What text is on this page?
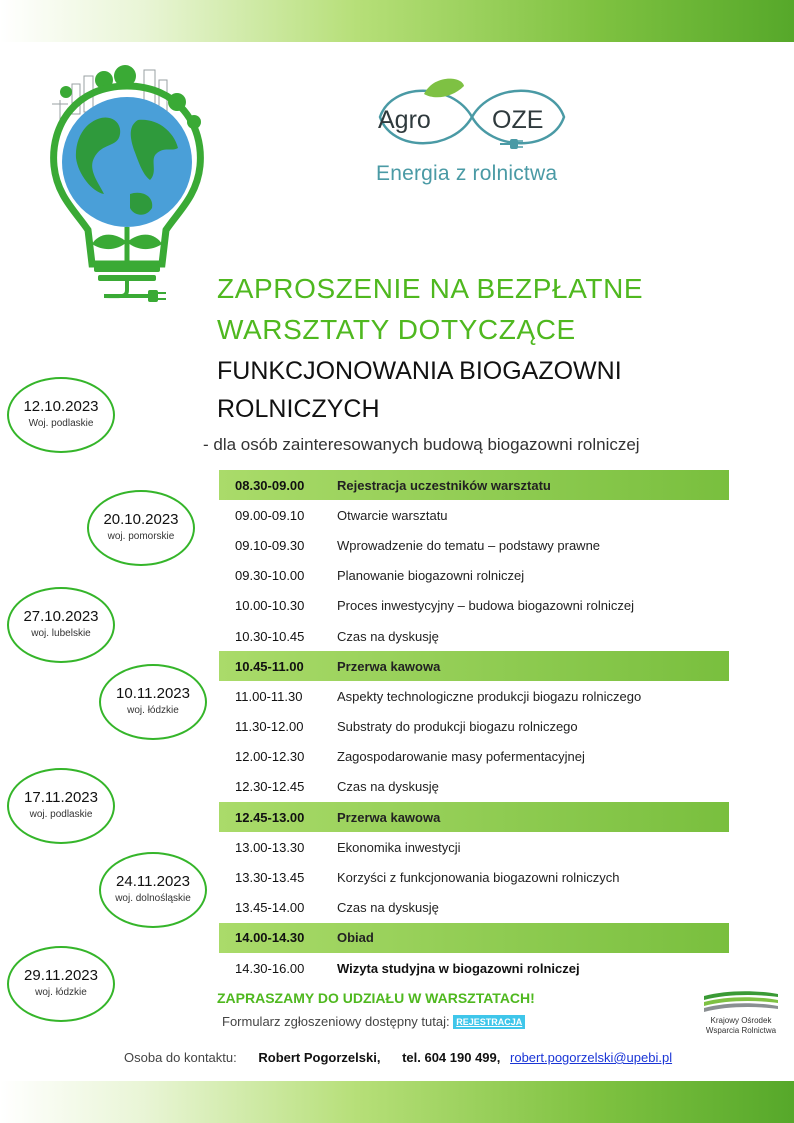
Agro OZE
Energia z rolnictwa
ZAPROSZENIE NA BEZPŁATNE
WARSZTATY DOTYCZĄCE
FUNKCJONOWANIA BIOGAZOWNI
ROLNICZYCH
- dla osób zainteresowanych budową biogazowni rolniczej
12.10.2023
Woj. podlaskie
20.10.2023
woj. pomorskie
27.10.2023
woj. lubelskie
10.11.2023
woj. łódzkie
17.11.2023
woj. podlaskie
24.11.2023
woj. dolnośląskie
29.11.2023
woj. łódzkie
08.30-09.00	Rejestracja uczestników warsztatu
09.00-09.10	Otwarcie warsztatu
09.10-09.30	Wprowadzenie do tematu – podstawy prawne
09.30-10.00	Planowanie biogazowni rolniczej
10.00-10.30	Proces inwestycyjny – budowa biogazowni rolniczej
10.30-10.45	Czas na dyskusję
10.45-11.00	Przerwa kawowa
11.00-11.30	Aspekty technologiczne produkcji biogazu rolniczego
11.30-12.00	Substraty do produkcji biogazu rolniczego
12.00-12.30	Zagospodarowanie masy pofermentacyjnej
12.30-12.45	Czas na dyskusję
12.45-13.00	Przerwa kawowa
13.00-13.30	Ekonomika inwestycji
13.30-13.45	Korzyści z funkcjonowania biogazowni rolniczych
13.45-14.00	Czas na dyskusję
14.00-14.30	Obiad
14.30-16.00	Wizyta studyjna w biogazowni rolniczej
ZAPRASZAMY DO UDZIAŁU W WARSZTATACH!
Formularz zgłoszeniowy dostępny tutaj: REJESTRACJA	Krajowy Ośrodek
Wsparcia Rolnictwa
Osoba do kontaktu: Robert Pogorzelski, tel. 604 190 499, robert.pogorzelski@upebi.pl
